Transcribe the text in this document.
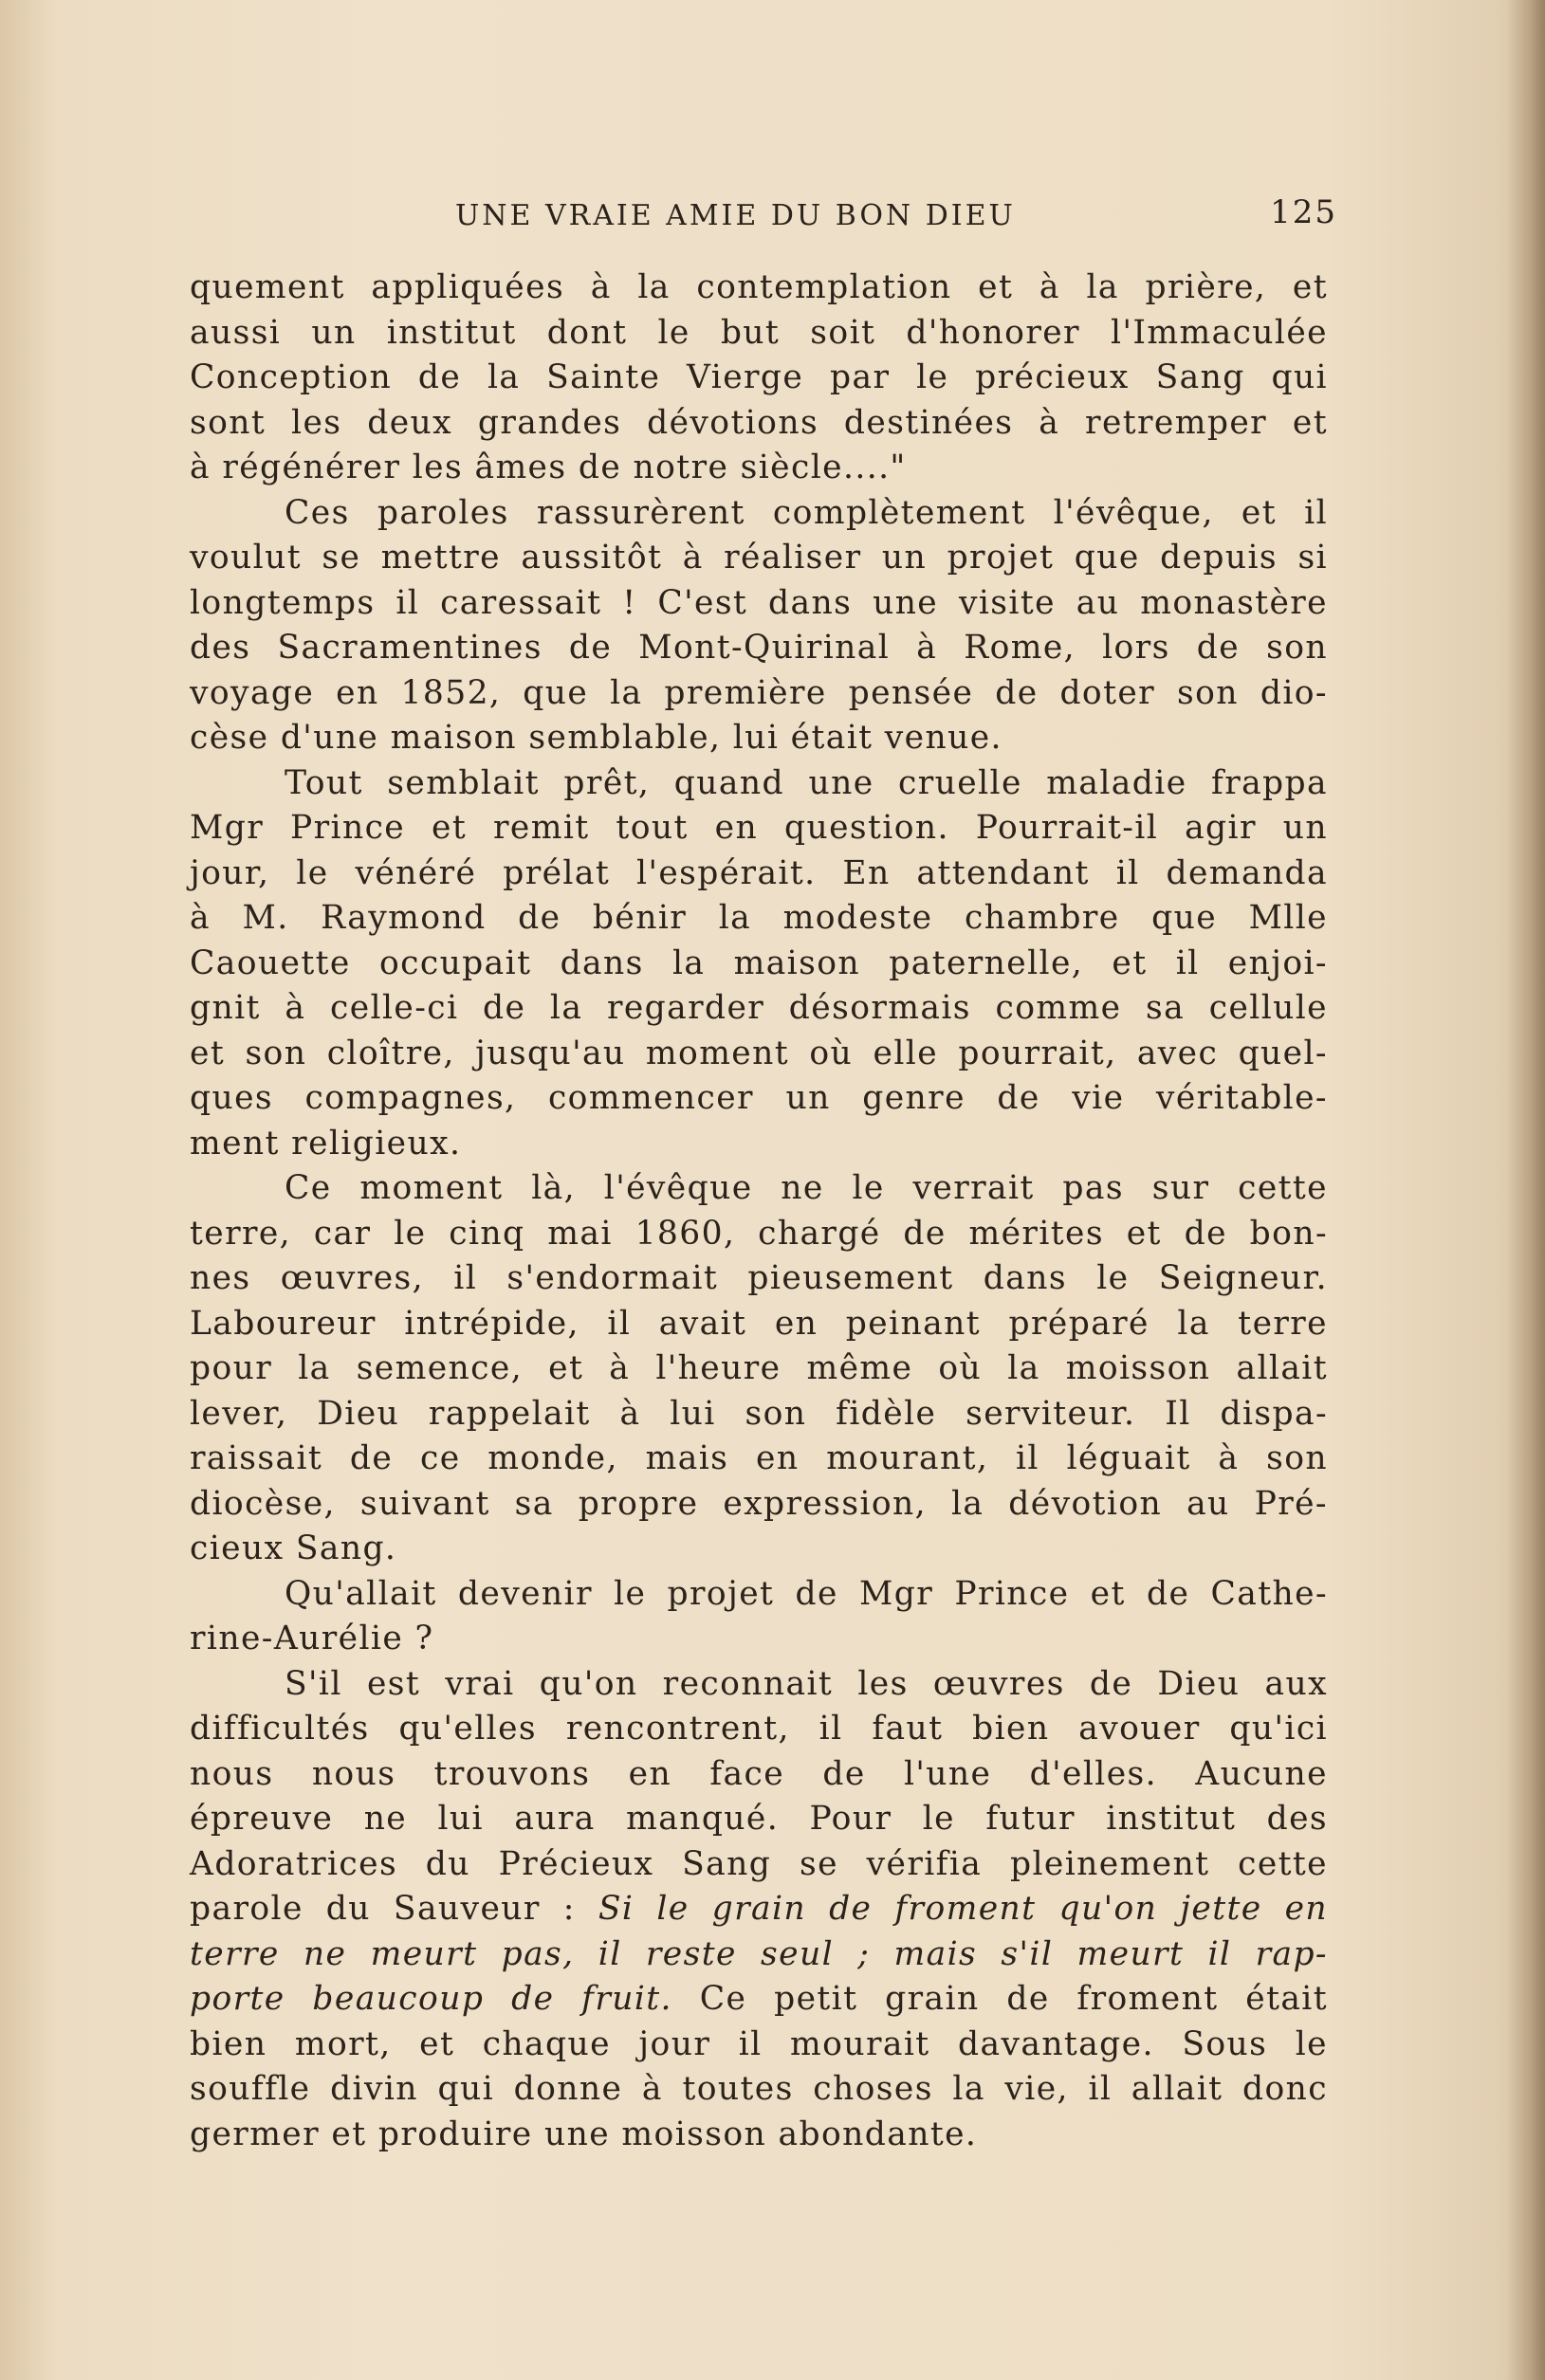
UNE VRAIE AMIE DU BON DIEU	125
quement appliquées à la contemplation et à la prière, et
aussi un institut dont le but soit d'honorer l'Immaculée
Conception de la Sainte Vierge par le précieux Sang qui
sont les deux grandes dévotions destinées à retremper et
à régénérer les âmes de notre siècle...."
Ces paroles rassurèrent complètement l'évêque, et il
voulut se mettre aussitôt à réaliser un projet que depuis si
longtemps il caressait ! C'est dans une visite au monastère
des Sacramentines de Mont-Quirinal à Rome, lors de son
voyage en 1852, que la première pensée de doter son dio-
cèse d'une maison semblable, lui était venue.
Tout semblait prêt, quand une cruelle maladie frappa
Mgr Prince et remit tout en question. Pourrait-il agir un
jour, le vénéré prélat l'espérait. En attendant il demanda
à M. Raymond de bénir la modeste chambre que Mlle
Caouette occupait dans la maison paternelle, et il enjoi-
gnit à celle-ci de la regarder désormais comme sa cellule
et son cloître, jusqu'au moment où elle pourrait, avec quel-
ques compagnes, commencer un genre de vie véritable-
ment religieux.
Ce moment là, l'évêque ne le verrait pas sur cette
terre, car le cinq mai 1860, chargé de mérites et de bon-
nes œuvres, il s'endormait pieusement dans le Seigneur.
Laboureur intrépide, il avait en peinant préparé la terre
pour la semence, et à l'heure même où la moisson allait
lever, Dieu rappelait à lui son fidèle serviteur. Il dispa-
raissait de ce monde, mais en mourant, il léguait à son
diocèse, suivant sa propre expression, la dévotion au Pré-
cieux Sang.
Qu'allait devenir le projet de Mgr Prince et de Cathe-
rine-Aurélie ?
S'il est vrai qu'on reconnait les œuvres de Dieu aux
difficultés qu'elles rencontrent, il faut bien avouer qu'ici
nous nous trouvons en face de l'une d'elles. Aucune
épreuve ne lui aura manqué. Pour le futur institut des
Adoratrices du Précieux Sang se vérifia pleinement cette
parole du Sauveur : Si le grain de froment qu'on jette en
terre ne meurt pas, il reste seul ; mais s'il meurt il rap-
porte beaucoup de fruit. Ce petit grain de froment était
bien mort, et chaque jour il mourait davantage. Sous le
souffle divin qui donne à toutes choses la vie, il allait donc
germer et produire une moisson abondante.
